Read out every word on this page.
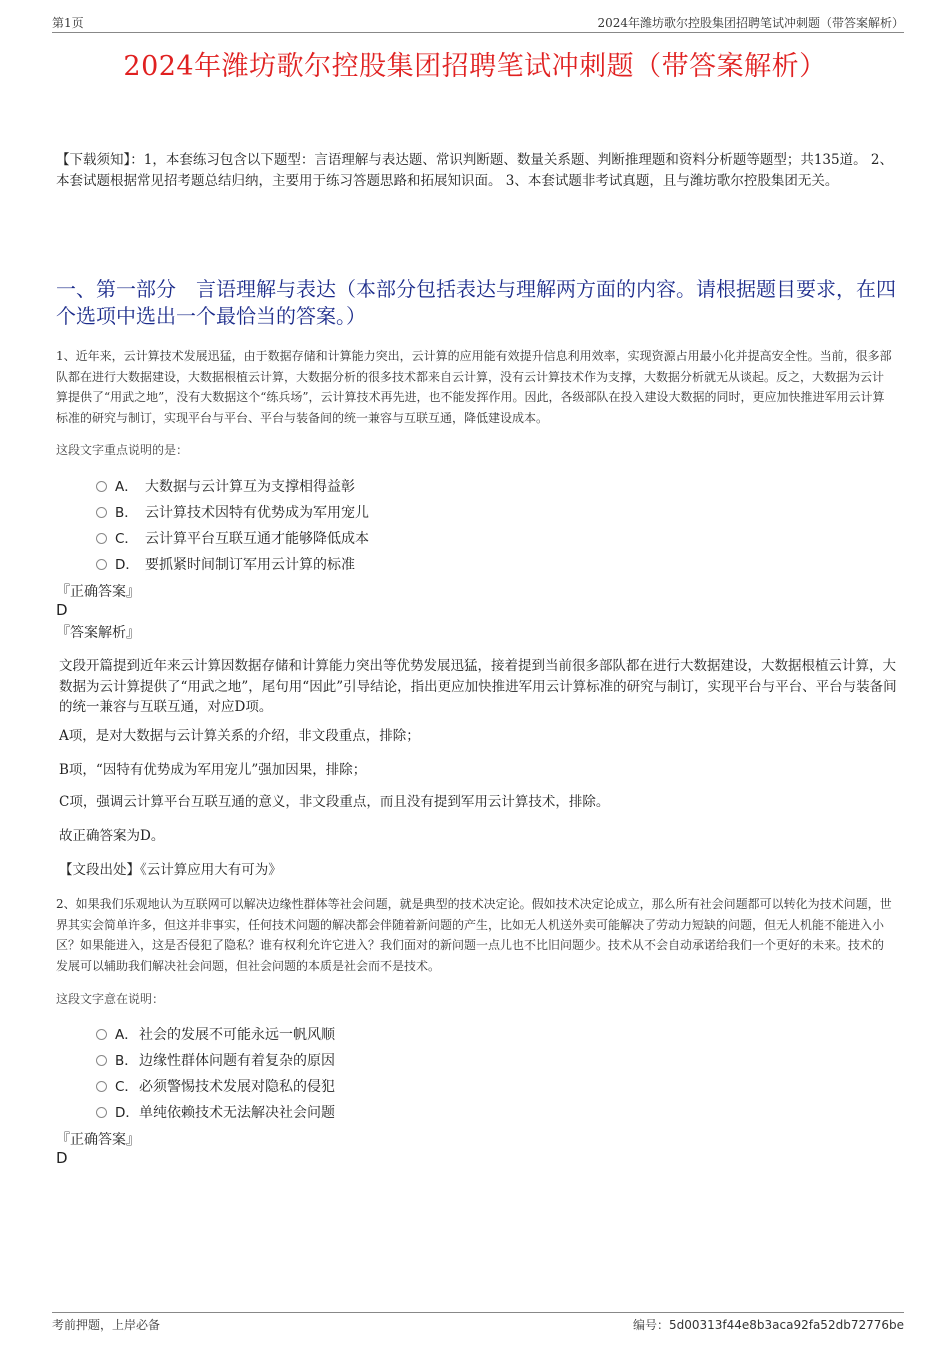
第1页	2024年潍坊歌尔控股集团招聘笔试冲刺题（带答案解析）
2024年潍坊歌尔控股集团招聘笔试冲刺题（带答案解析）
【下载须知】：1，本套练习包含以下题型：言语理解与表达题、常识判断题、数量关系题、判断推理题和资料分析题等题型；共135道。 2、本套试题根据常见招考题总结归纳，主要用于练习答题思路和拓展知识面。 3、本套试题非考试真题，且与潍坊歌尔控股集团无关。
一、第一部分　言语理解与表达（本部分包括表达与理解两方面的内容。请根据题目要求，在四个选项中选出一个最恰当的答案。）
1、近年来，云计算技术发展迅猛，由于数据存储和计算能力突出，云计算的应用能有效提升信息利用效率，实现资源占用最小化并提高安全性。当前，很多部队都在进行大数据建设，大数据根植云计算，大数据分析的很多技术都来自云计算，没有云计算技术作为支撑，大数据分析就无从谈起。反之，大数据为云计算提供了“用武之地”，没有大数据这个“练兵场”，云计算技术再先进，也不能发挥作用。因此，各级部队在投入建设大数据的同时，更应加快推进军用云计算标准的研究与制订，实现平台与平台、平台与装备间的统一兼容与互联互通，降低建设成本。
这段文字重点说明的是：
A． 大数据与云计算互为支撑相得益彰
B． 云计算技术因特有优势成为军用宠儿
C． 云计算平台互联互通才能够降低成本
D． 要抓紧时间制订军用云计算的标准
『正确答案』
D
『答案解析』
文段开篇提到近年来云计算因数据存储和计算能力突出等优势发展迅猛，接着提到当前很多部队都在进行大数据建设，大数据根植云计算，大数据为云计算提供了“用武之地”，尾句用“因此”引导结论，指出更应加快推进军用云计算标准的研究与制订，实现平台与平台、平台与装备间的统一兼容与互联互通，对应D项。
A项，是对大数据与云计算关系的介绍，非文段重点，排除；
B项，“因特有优势成为军用宠儿”强加因果，排除；
C项，强调云计算平台互联互通的意义，非文段重点，而且没有提到军用云计算技术，排除。
故正确答案为D。
【文段出处】《云计算应用大有可为》
2、如果我们乐观地认为互联网可以解决边缘性群体等社会问题，就是典型的技术决定论。假如技术决定论成立，那么所有社会问题都可以转化为技术问题，世界其实会简单许多，但这并非事实，任何技术问题的解决都会伴随着新问题的产生，比如无人机送外卖可能解决了劳动力短缺的问题，但无人机能不能进入小区？如果能进入，这是否侵犯了隐私？谁有权利允许它进入？我们面对的新问题一点儿也不比旧问题少。技术从不会自动承诺给我们一个更好的未来。技术的发展可以辅助我们解决社会问题，但社会问题的本质是社会而不是技术。
这段文字意在说明：
A．社会的发展不可能永远一帆风顺
B．边缘性群体问题有着复杂的原因
C．必须警惕技术发展对隐私的侵犯
D．单纯依赖技术无法解决社会问题
『正确答案』
D
考前押题，上岸必备	编号：5d00313f44e8b3aca92fa52db72776be
